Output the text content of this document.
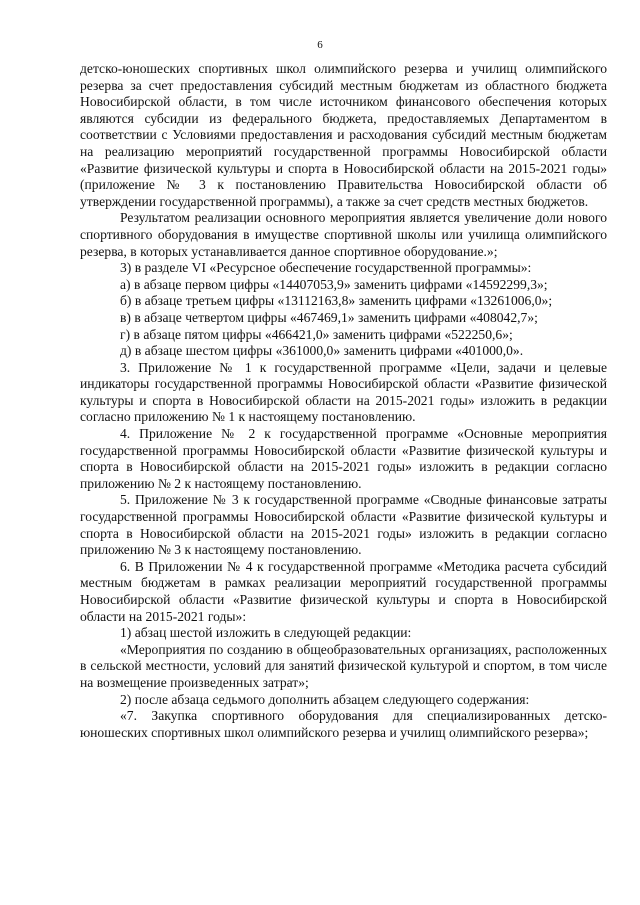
6

детско-юношеских спортивных школ олимпийского резерва и училищ олимпийского резерва за счет предоставления субсидий местным бюджетам из областного бюджета Новосибирской области, в том числе источником финансового обеспечения которых являются субсидии из федерального бюджета, предоставляемых Департаментом в соответствии с Условиями предоставления и расходования субсидий местным бюджетам на реализацию мероприятий государственной программы Новосибирской области «Развитие физической культуры и спорта в Новосибирской области на 2015-2021 годы» (приложение № 3 к постановлению Правительства Новосибирской области об утверждении государственной программы), а также за счет средств местных бюджетов.

Результатом реализации основного мероприятия является увеличение доли нового спортивного оборудования в имуществе спортивной школы или училища олимпийского резерва, в которых устанавливается данное спортивное оборудование.»;

3) в разделе VI «Ресурсное обеспечение государственной программы»:

а) в абзаце первом цифры «14407053,9» заменить цифрами «14592299,3»;

б) в абзаце третьем цифры «13112163,8» заменить цифрами «13261006,0»;

в) в абзаце четвертом цифры «467469,1» заменить цифрами «408042,7»;

г) в абзаце пятом цифры «466421,0» заменить цифрами «522250,6»;

д) в абзаце шестом цифры «361000,0» заменить цифрами «401000,0».

3. Приложение № 1 к государственной программе «Цели, задачи и целевые индикаторы государственной программы Новосибирской области «Развитие физической культуры и спорта в Новосибирской области на 2015-2021 годы» изложить в редакции согласно приложению № 1 к настоящему постановлению.

4. Приложение № 2 к государственной программе «Основные мероприятия государственной программы Новосибирской области «Развитие физической культуры и спорта в Новосибирской области на 2015-2021 годы» изложить в редакции согласно приложению № 2 к настоящему постановлению.

5. Приложение № 3 к государственной программе «Сводные финансовые затраты государственной программы Новосибирской области «Развитие физической культуры и спорта в Новосибирской области на 2015-2021 годы» изложить в редакции согласно приложению № 3 к настоящему постановлению.

6. В Приложении № 4 к государственной программе «Методика расчета субсидий местным бюджетам в рамках реализации мероприятий государственной программы Новосибирской области «Развитие физической культуры и спорта в Новосибирской области на 2015-2021 годы»:

1) абзац шестой изложить в следующей редакции:

«Мероприятия по созданию в общеобразовательных организациях, расположенных в сельской местности, условий для занятий физической культурой и спортом, в том числе на возмещение произведенных затрат»;

2) после абзаца седьмого дополнить абзацем следующего содержания:

«7. Закупка спортивного оборудования для специализированных детско-юношеских спортивных школ олимпийского резерва и училищ олимпийского резерва»;
